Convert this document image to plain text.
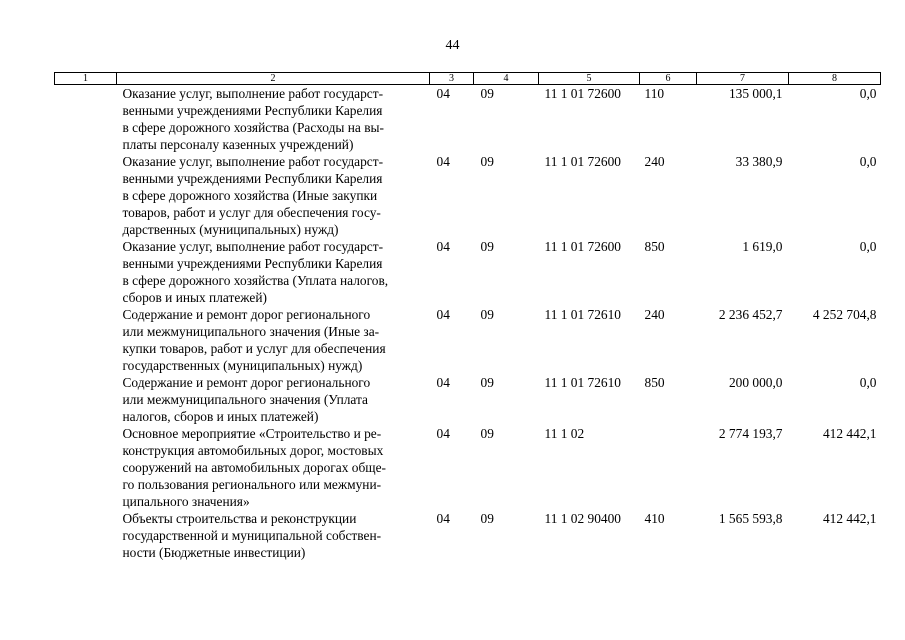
44
1	2	3	4	5	6	7	8
	Оказание услуг, выполнение работ государст-
венными учреждениями Республики Карелия
в сфере дорожного хозяйства (Расходы на вы-
платы персоналу казенных учреждений)	04	09	11 1 01 72600	110	135 000,1	0,0
	Оказание услуг, выполнение работ государст-
венными учреждениями Республики Карелия
в сфере дорожного хозяйства (Иные закупки
товаров, работ и услуг для обеспечения госу-
дарственных (муниципальных) нужд)	04	09	11 1 01 72600	240	33 380,9	0,0
	Оказание услуг, выполнение работ государст-
венными учреждениями Республики Карелия
в сфере дорожного хозяйства (Уплата налогов,
сборов и иных платежей)	04	09	11 1 01 72600	850	1 619,0	0,0
	Содержание и ремонт дорог регионального
или межмуниципального значения (Иные за-
купки товаров, работ и услуг для обеспечения
государственных (муниципальных) нужд)	04	09	11 1 01 72610	240	2 236 452,7	4 252 704,8
	Содержание и ремонт дорог регионального
или межмуниципального значения (Уплата
налогов, сборов и иных платежей)	04	09	11 1 01 72610	850	200 000,0	0,0
	Основное мероприятие «Строительство и ре-
конструкция автомобильных дорог, мостовых
сооружений на автомобильных дорогах обще-
го пользования регионального или межмуни-
ципального значения»	04	09	11 1 02		2 774 193,7	412 442,1
	Объекты строительства и реконструкции
государственной и муниципальной собствен-
ности (Бюджетные инвестиции)	04	09	11 1 02 90400	410	1 565 593,8	412 442,1
